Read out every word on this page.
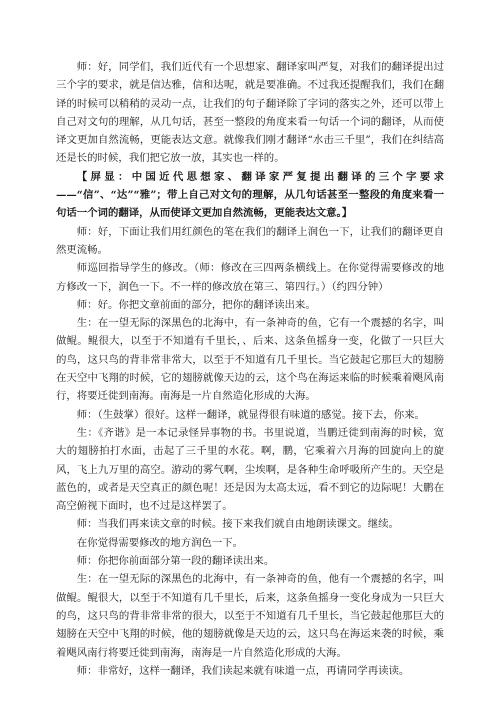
师：好，同学们，我们近代有一个思想家、翻译家叫严复，对我们的翻译提出过三个字的要求，就是信达雅，信和达呢，就是要准确。不过我还提醒我们，我们在翻译的时候可以稍稍的灵动一点，让我们的句子翻译除了字词的落实之外，还可以带上自己对文句的理解，从几句话，甚至一整段的角度来看一句话一个词的翻译，从而使译文更加自然流畅，更能表达文意。就像我们刚才翻译“水击三千里”，我们在纠结高还是长的时候，我们把它放一放，其实也一样的。

【屏显：中国近代思想家、翻译家严复提出翻译的三个字要求——“信”、“达”“雅”；带上自己对文句的理解，从几句话甚至一整段的角度来看一句话一个词的翻译，从而使译文更加自然流畅，更能表达文意。】

师：好，下面让我们用红颜色的笔在我们的翻译上润色一下，让我们的翻译更自然更流畅。

师巡回指导学生的修改。（师：修改在三四两条横线上。在你觉得需要修改的地方修改一下，润色一下。不一样的修改放在第三、第四行。）（约四分钟）

师：好。你把文章前面的部分，把你的翻译读出来。

生：在一望无际的深黑色的北海中，有一条神奇的鱼，它有一个震撼的名字，叫做鲲。鲲很大，以至于不知道有千里长，、后来、这条鱼摇身一变，化做了一只巨大的鸟，这只鸟的背非常非常大，以至于不知道有几千里长。当它鼓起它那巨大的翅膀在天空中飞翔的时候，它的翅膀就像天边的云，这个鸟在海运来临的时候乘着飓风南行，将要迁徙到南海。南海是一片自然造化形成的大海。

师：（生鼓掌）很好。这样一翻译，就显得很有味道的感觉。接下去，你来。

生：《齐谐》是一本记录怪异事物的书。书里说道，当鹏迁徙到南海的时候，宽大的翅膀拍打水面，击起了三千里的水花。啊，鹏，它乘着六月海的回旋向上的旋风，飞上九万里的高空。游动的雾气啊，尘埃啊，是各种生命呼吸所产生的。天空是蓝色的，或者是天空真正的颜色呢！还是因为太高太远，看不到它的边际呢！大鹏在高空俯视下面时，也不过是这样罢了。

师：当我们再来读文章的时候。接下来我们就自由地朗读课文。继续。

在你觉得需要修改的地方润色一下。

师：你把你前面部分第一段的翻译读出来。

生：在一望无际的深黑色的北海中，有一条神奇的鱼，他有一个震撼的名字，叫做鲲。鲲很大，以至于不知道有几千里长，后来，这条鱼摇身一变化身成为一只巨大的鸟，这只鸟的背非常非常的很大，以至于不知道有几千里长，当它鼓起他那巨大的翅膀在天空中飞翔的时候，他的翅膀就像是天边的云，这只鸟在海运来袭的时候，乘着飓风南行将要迁徙到南海，南海是一片自然造化形成的大海。

师：非常好，这样一翻译，我们读起来就有味道一点，再请同学再读读。
